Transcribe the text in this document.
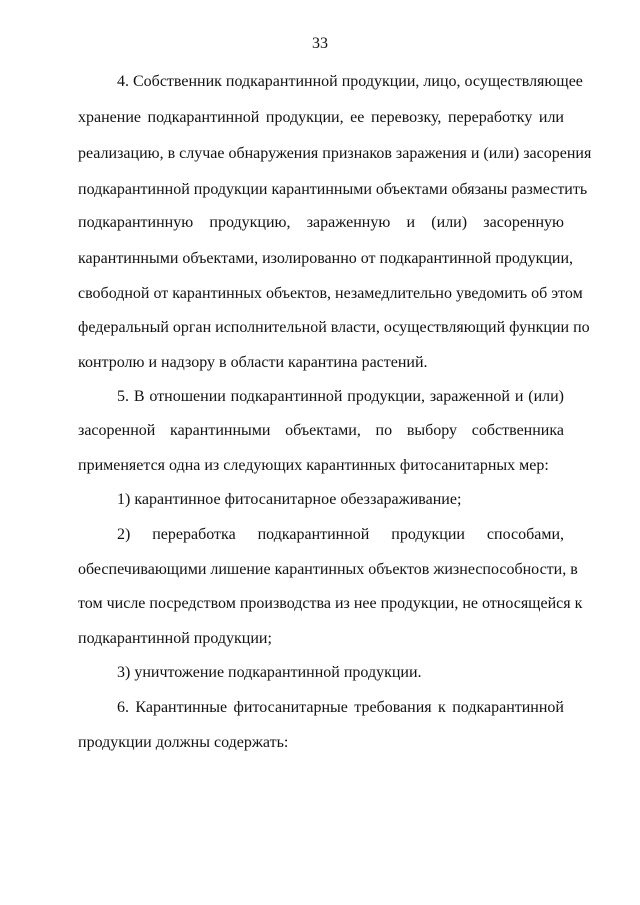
33
4. Собственник подкарантинной продукции, лицо, осуществляющее
хранение подкарантинной продукции, ее перевозку, переработку или
реализацию, в случае обнаружения признаков заражения и (или) засорения
подкарантинной продукции карантинными объектами обязаны разместить
подкарантинную продукцию, зараженную и (или) засоренную
карантинными объектами, изолированно от подкарантинной продукции,
свободной от карантинных объектов, незамедлительно уведомить об этом
федеральный орган исполнительной власти, осуществляющий функции по
контролю и надзору в области карантина растений.
5. В отношении подкарантинной продукции, зараженной и (или)
засоренной карантинными объектами, по выбору собственника
применяется одна из следующих карантинных фитосанитарных мер:
1) карантинное фитосанитарное обеззараживание;
2) переработка подкарантинной продукции способами,
обеспечивающими лишение карантинных объектов жизнеспособности, в
том числе посредством производства из нее продукции, не относящейся к
подкарантинной продукции;
3) уничтожение подкарантинной продукции.
6. Карантинные фитосанитарные требования к подкарантинной
продукции должны содержать:
